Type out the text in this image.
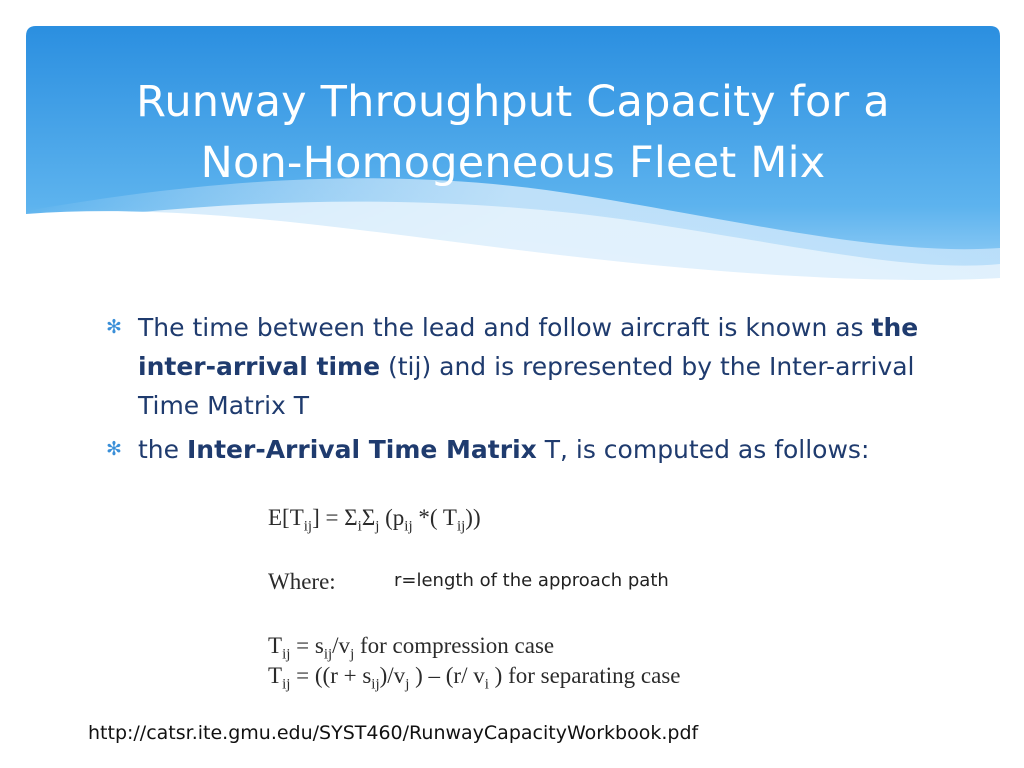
Runway Throughput Capacity for a
Non-Homogeneous Fleet Mix
✻ The time between the lead and follow aircraft is known as the inter-arrival time (tij) and is represented by the Inter-arrival Time Matrix T
✻ the Inter-Arrival Time Matrix T, is computed as follows:
$E[T_{ij}] = \Sigma_i\Sigma_j$ ($p_{ij}$ *( $T_{ij}$))
Where:
$T_{ij} = s_{ij}/v_j$ for compression case
$T_{ij} = ((r + s_{ij})/v_j$ ) – (r/ $v_i$ ) for separating case
r=length of the approach path
http://catsr.ite.gmu.edu/SYST460/RunwayCapacityWorkbook.pdf
